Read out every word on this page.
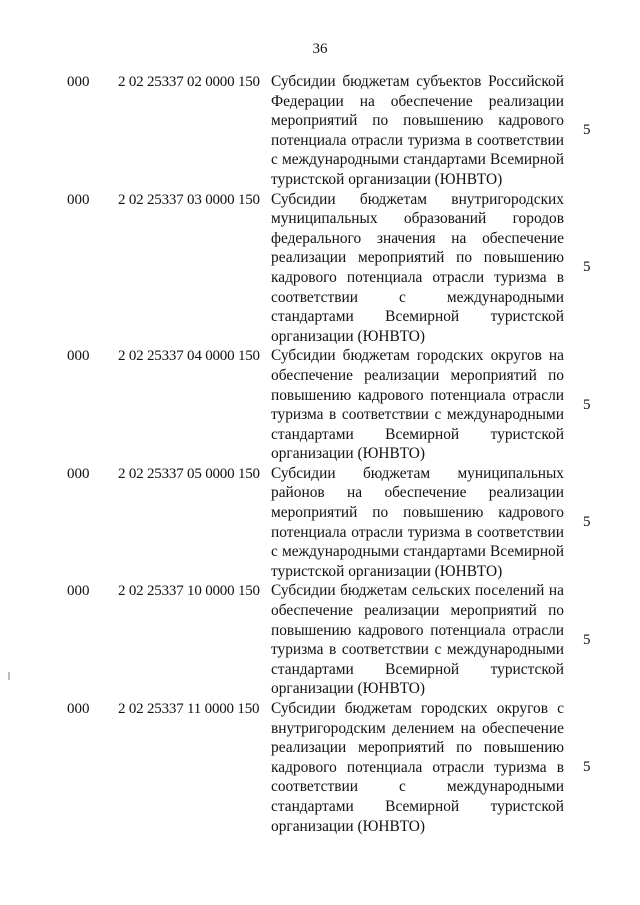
36
000	2 02 25337 02 0000 150 Субсидии бюджетам субъектов Российской Федерации на обеспечение реализации мероприятий по повышению кадрового потенциала отрасли туризма в соответствии с международными стандартами Всемирной туристской организации (ЮНВТО)
5
000	2 02 25337 03 0000 150 Субсидии бюджетам внутригородских муниципальных образований городов федерального значения на обеспечение реализации мероприятий по повышению кадрового потенциала отрасли туризма в соответствии с международными стандартами Всемирной туристской организации (ЮНВТО)
5
000	2 02 25337 04 0000 150 Субсидии бюджетам городских округов на обеспечение реализации мероприятий по повышению кадрового потенциала отрасли туризма в соответствии с международными стандартами Всемирной туристской организации (ЮНВТО)
5
000	2 02 25337 05 0000 150 Субсидии бюджетам муниципальных районов на обеспечение реализации мероприятий по повышению кадрового потенциала отрасли туризма в соответствии с международными стандартами Всемирной туристской организации (ЮНВТО)
5
000	2 02 25337 10 0000 150 Субсидии бюджетам сельских поселений на обеспечение реализации мероприятий по повышению кадрового потенциала отрасли туризма в соответствии с международными стандартами Всемирной туристской организации (ЮНВТО)
5
000	2 02 25337 11 0000 150 Субсидии бюджетам городских округов с внутригородским делением на обеспечение реализации мероприятий по повышению кадрового потенциала отрасли туризма в соответствии с международными стандартами Всемирной туристской организации (ЮНВТО)
5
